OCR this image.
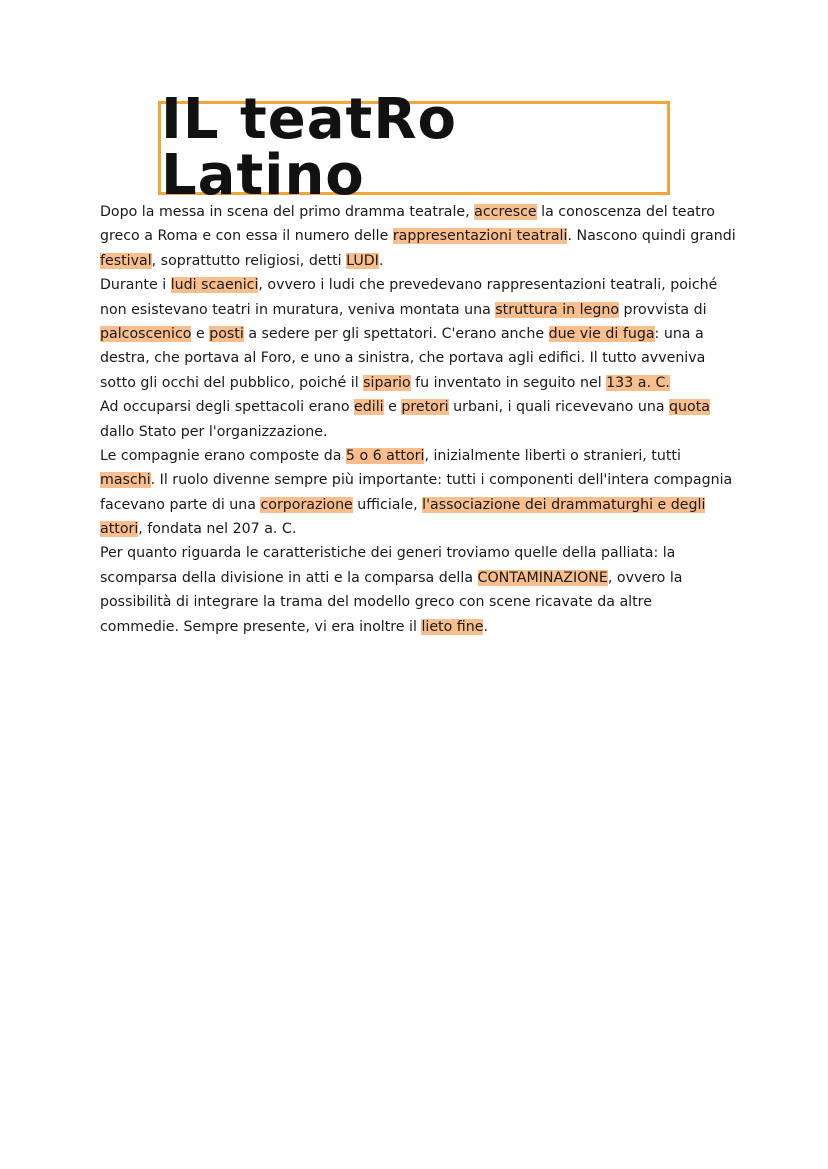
IL teatRo Latino
Dopo la messa in scena del primo dramma teatrale, accresce la conoscenza del teatro
greco a Roma e con essa il numero delle rappresentazioni teatrali. Nascono quindi grandi
festival, soprattutto religiosi, detti LUDI.
Durante i ludi scaenici, ovvero i ludi che prevedevano rappresentazioni teatrali, poiché
non esistevano teatri in muratura, veniva montata una struttura in legno provvista di
palcoscenico e posti a sedere per gli spettatori. C'erano anche due vie di fuga: una a
destra, che portava al Foro, e uno a sinistra, che portava agli edifici. Il tutto avveniva
sotto gli occhi del pubblico, poiché il sipario fu inventato in seguito nel 133 a. C.
Ad occuparsi degli spettacoli erano edili e pretori urbani, i quali ricevevano una quota
dallo Stato per l'organizzazione.
Le compagnie erano composte da 5 o 6 attori, inizialmente liberti o stranieri, tutti
maschi. Il ruolo divenne sempre più importante: tutti i componenti dell'intera compagnia
facevano parte di una corporazione ufficiale, l'associazione dei drammaturghi e degli
attori, fondata nel 207 a. C.
Per quanto riguarda le caratteristiche dei generi troviamo quelle della palliata: la
scomparsa della divisione in atti e la comparsa della CONTAMINAZIONE, ovvero la
possibilità di integrare la trama del modello greco con scene ricavate da altre
commedie. Sempre presente, vi era inoltre il lieto fine.
